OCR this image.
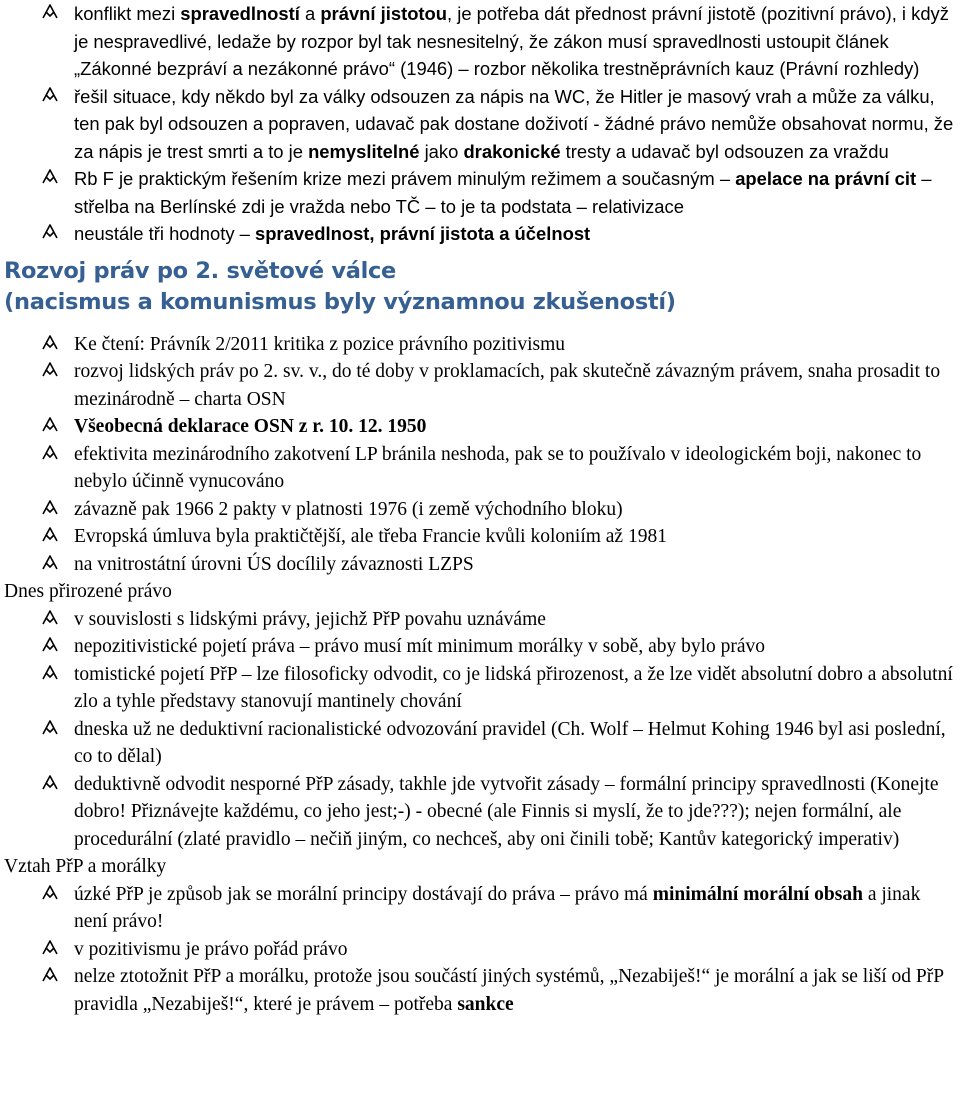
konflikt mezi spravedlností a právní jistotou, je potřeba dát přednost právní jistotě (pozitivní právo), i když je nespravedlivé, ledaže by rozpor byl tak nesnesitelný, že zákon musí spravedlnosti ustoupit článek „Zákonné bezpráví a nezákonné právo“ (1946) – rozbor několika trestněprávních kauz (Právní rozhledy)
řešil situace, kdy někdo byl za války odsouzen za nápis na WC, že Hitler je masový vrah a může za válku, ten pak byl odsouzen a popraven, udavač pak dostane doživotí - žádné právo nemůže obsahovat normu, že za nápis je trest smrti a to je nemyslitelné jako drakonické tresty a udavač byl odsouzen za vraždu
Rb F je praktickým řešením krize mezi právem minulým režimem a současným – apelace na právní cit – střelba na Berlínské zdi je vražda nebo TČ – to je ta podstata – relativizace
neustále tři hodnoty – spravedlnost, právní jistota a účelnost
Rozvoj práv po 2. světové válce
(nacismus a komunismus byly významnou zkušeností)
Ke čtení: Právník 2/2011 kritika z pozice právního pozitivismu
rozvoj lidských práv po 2. sv. v., do té doby v proklamacích, pak skutečně závazným právem, snaha prosadit to mezinárodně – charta OSN
Všeobecná deklarace OSN z r. 10. 12. 1950
efektivita mezinárodního zakotvení LP bránila neshoda, pak se to používalo v ideologickém boji, nakonec to nebylo účinně vynucováno
závazně pak 1966 2 pakty v platnosti 1976 (i země východního bloku)
Evropská úmluva byla praktičtější, ale třeba Francie kvůli koloniím až 1981
na vnitrostátní úrovni ÚS docílily závaznosti LZPS
Dnes přirozené právo
v souvislosti s lidskými právy, jejichž PřP povahu uznáváme
nepozitivistické pojetí práva – právo musí mít minimum morálky v sobě, aby bylo právo
tomistické pojetí PřP – lze filosoficky odvodit, co je lidská přirozenost, a že lze vidět absolutní dobro a absolutní zlo a tyhle představy stanovují mantinely chování
dneska už ne deduktivní racionalistické odvozování pravidel (Ch. Wolf – Helmut Kohing 1946 byl asi poslední, co to dělal)
deduktivně odvodit nesporné PřP zásady, takhle jde vytvořit zásady – formální principy spravedlnosti (Konejte dobro! Přiznávejte každému, co jeho jest;-) - obecné (ale Finnis si myslí, že to jde???); nejen formální, ale procedurální (zlaté pravidlo – nečiň jiným, co nechceš, aby oni činili tobě; Kantův kategorický imperativ)
Vztah PřP a morálky
úzké PřP je způsob jak se morální principy dostávají do práva – právo má minimální morální obsah a jinak není právo!
v pozitivismu je právo pořád právo
nelze ztotožnit PřP a morálku, protože jsou součástí jiných systémů, „Nezabiješ!“ je morální a jak se liší od PřP pravidla „Nezabiješ!“, které je právem – potřeba sankce
